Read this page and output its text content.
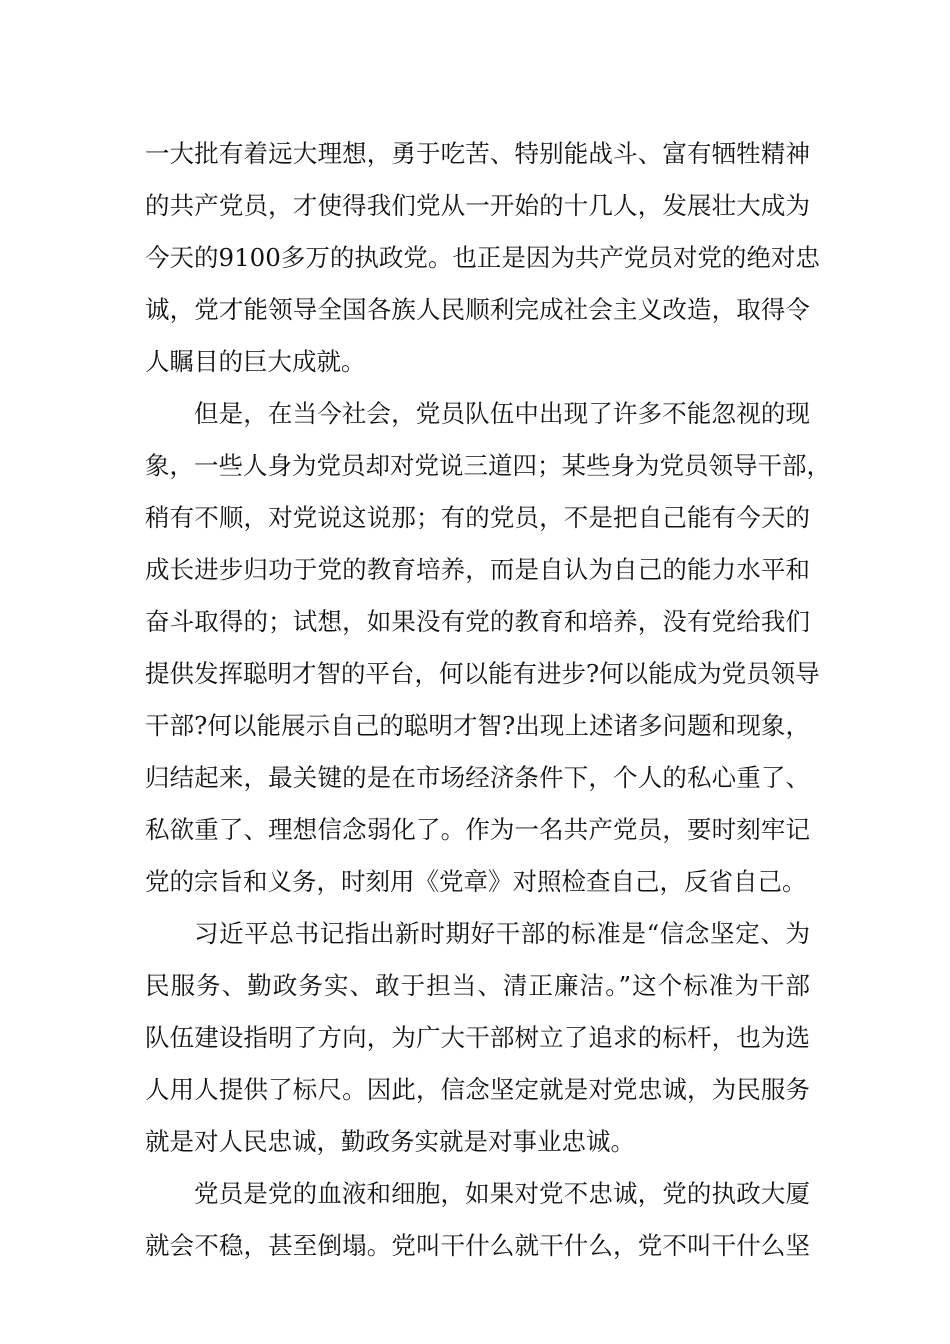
一大批有着远大理想，勇于吃苦、特别能战斗、富有牺牲精神
的共产党员，才使得我们党从一开始的十几人，发展壮大成为
今天的9100多万的执政党。也正是因为共产党员对党的绝对忠
诚，党才能领导全国各族人民顺利完成社会主义改造，取得令
人瞩目的巨大成就。
但是，在当今社会，党员队伍中出现了许多不能忽视的现
象，一些人身为党员却对党说三道四；某些身为党员领导干部，
稍有不顺，对党说这说那；有的党员，不是把自己能有今天的
成长进步归功于党的教育培养，而是自认为自己的能力水平和
奋斗取得的；试想，如果没有党的教育和培养，没有党给我们
提供发挥聪明才智的平台，何以能有进步?何以能成为党员领导
干部?何以能展示自己的聪明才智?出现上述诸多问题和现象，
归结起来，最关键的是在市场经济条件下，个人的私心重了、
私欲重了、理想信念弱化了。作为一名共产党员，要时刻牢记
党的宗旨和义务，时刻用《党章》对照检查自己，反省自己。
习近平总书记指出新时期好干部的标准是“信念坚定、为
民服务、勤政务实、敢于担当、清正廉洁。”这个标准为干部
队伍建设指明了方向，为广大干部树立了追求的标杆，也为选
人用人提供了标尺。因此，信念坚定就是对党忠诚，为民服务
就是对人民忠诚，勤政务实就是对事业忠诚。
党员是党的血液和细胞，如果对党不忠诚，党的执政大厦
就会不稳，甚至倒塌。党叫干什么就干什么，党不叫干什么坚
